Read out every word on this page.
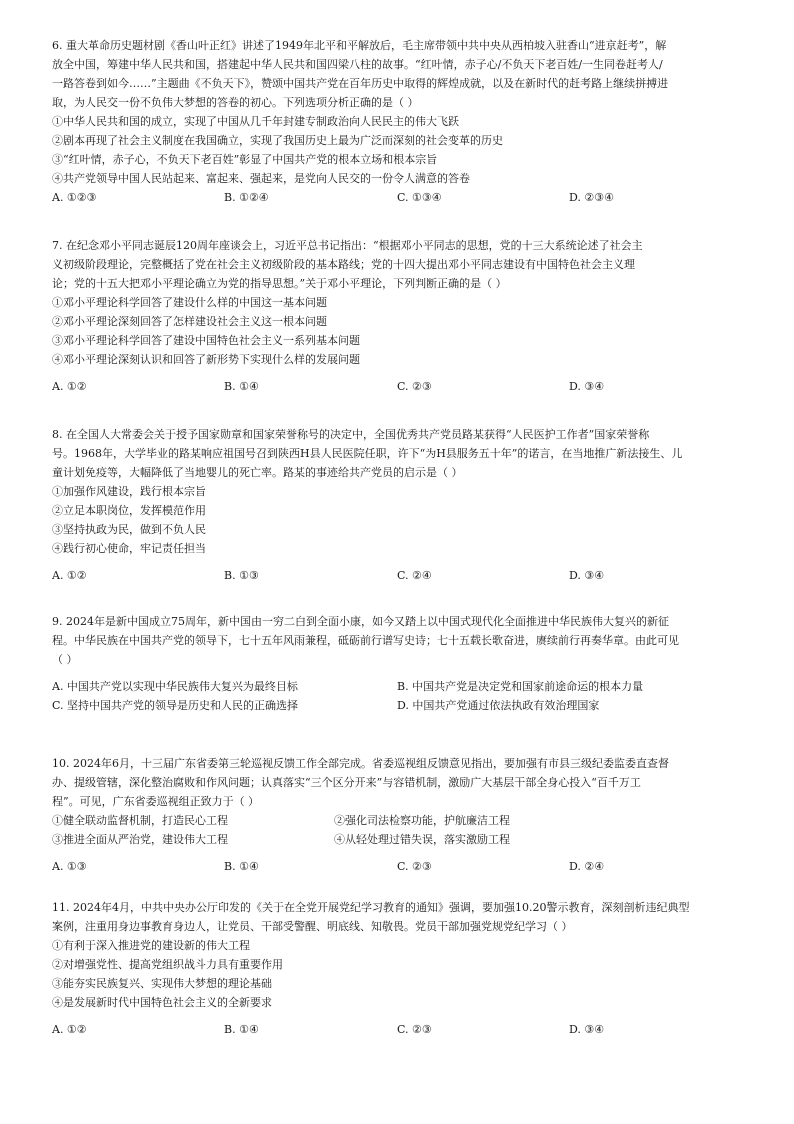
6. 重大革命历史题材剧《香山叶正红》讲述了1949年北平和平解放后，毛主席带领中共中央从西柏坡入驻香山“进京赶考”，解

放全中国，筹建中华人民共和国，搭建起中华人民共和国四梁八柱的故事。“红叶情，赤子心/不负天下老百姓/一生同卷赶考人/

一路答卷到如今……”主题曲《不负天下》，赞颂中国共产党在百年历史中取得的辉煌成就，以及在新时代的赶考路上继续拼搏进

取，为人民交一份不负伟大梦想的答卷的初心。下列选项分析正确的是（ ）

①中华人民共和国的成立，实现了中国从几千年封建专制政治向人民民主的伟大飞跃

②剧本再现了社会主义制度在我国确立，实现了我国历史上最为广泛而深刻的社会变革的历史

③“红叶情，赤子心，不负天下老百姓”彰显了中国共产党的根本立场和根本宗旨

④共产党领导中国人民站起来、富起来、强起来，是党向人民交的一份令人满意的答卷

A. ①②③	B. ①②④	C. ①③④	D. ②③④

7. 在纪念邓小平同志诞辰120周年座谈会上，习近平总书记指出：“根据邓小平同志的思想，党的十三大系统论述了社会主

义初级阶段理论，完整概括了党在社会主义初级阶段的基本路线；党的十四大提出邓小平同志建设有中国特色社会主义理

论；党的十五大把邓小平理论确立为党的指导思想。”关于邓小平理论，下列判断正确的是（ ）

①邓小平理论科学回答了建设什么样的中国这一基本问题

②邓小平理论深刻回答了怎样建设社会主义这一根本问题

③邓小平理论科学回答了建设中国特色社会主义一系列基本问题

④邓小平理论深刻认识和回答了新形势下实现什么样的发展问题

A. ①②	B. ①④	C. ②③	D. ③④

8. 在全国人大常委会关于授予国家勋章和国家荣誉称号的决定中，全国优秀共产党员路某获得“人民医护工作者”国家荣誉称

号。1968年，大学毕业的路某响应祖国号召到陕西H县人民医院任职，许下“为H县服务五十年”的诺言，在当地推广新法接生、儿

童计划免疫等，大幅降低了当地婴儿的死亡率。路某的事迹给共产党员的启示是（ ）

①加强作风建设，践行根本宗旨

②立足本职岗位，发挥模范作用

③坚持执政为民，做到不负人民

④践行初心使命，牢记责任担当

A. ①②	B. ①③	C. ②④	D. ③④

9. 2024年是新中国成立75周年，新中国由一穷二白到全面小康，如今又踏上以中国式现代化全面推进中华民族伟大复兴的新征

程。中华民族在中国共产党的领导下，七十五年风雨兼程，砥砺前行谱写史诗；七十五载长歌奋进，赓续前行再奏华章。由此可见

（ ）

A. 中国共产党以实现中华民族伟大复兴为最终目标	B. 中国共产党是决定党和国家前途命运的根本力量
C. 坚持中国共产党的领导是历史和人民的正确选择	D. 中国共产党通过依法执政有效治理国家

10. 2024年6月，十三届广东省委第三轮巡视反馈工作全部完成。省委巡视组反馈意见指出，要加强有市县三级纪委监委直查督

办、提级管辖，深化整治腐败和作风问题；认真落实“三个区分开来”与容错机制，激励广大基层干部全身心投入“百千万工

程”。可见，广东省委巡视组正致力于（ ）

①健全联动监督机制，打造民心工程	②强化司法检察功能，护航廉洁工程
③推进全面从严治党，建设伟大工程	④从轻处理过错失误，落实激励工程
A. ①③	B. ①④	C. ②③	D. ②④

11. 2024年4月，中共中央办公厅印发的《关于在全党开展党纪学习教育的通知》强调，要加强10.20警示教育，深刻剖析违纪典型

案例，注重用身边事教育身边人，让党员、干部受警醒、明底线、知敬畏。党员干部加强党规党纪学习（ ）

①有利于深入推进党的建设新的伟大工程

②对增强党性、提高党组织战斗力具有重要作用

③能夯实民族复兴、实现伟大梦想的理论基础

④是发展新时代中国特色社会主义的全新要求

A. ①②	B. ①④	C. ②③	D. ③④
